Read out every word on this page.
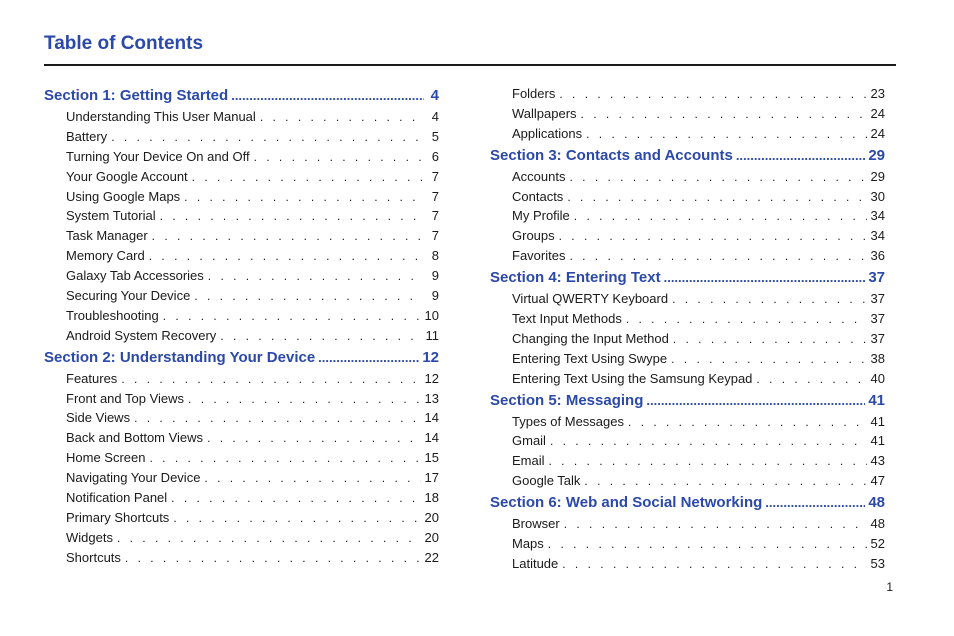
Table of Contents
Section 1: Getting Started .....	4
Understanding This User Manual . . .	4
Battery . . .	5
Turning Your Device On and Off . . .	6
Your Google Account . . .	7
Using Google Maps . . .	7
System Tutorial . . .	7
Task Manager . . .	7
Memory Card . . .	8
Galaxy Tab Accessories . . .	9
Securing Your Device . . .	9
Troubleshooting . . .	10
Android System Recovery . . .	11
Section 2: Understanding Your Device .....	12
Features . . .	12
Front and Top Views . . .	13
Side Views . . .	14
Back and Bottom Views . . .	14
Home Screen . . .	15
Navigating Your Device . . .	17
Notification Panel . . .	18
Primary Shortcuts . . .	20
Widgets . . .	20
Shortcuts . . .	22
Folders . . .	23
Wallpapers . . .	24
Applications . . .	24
Section 3: Contacts and Accounts .....	29
Accounts . . .	29
Contacts . . .	30
My Profile . . .	34
Groups . . .	34
Favorites . . .	36
Section 4: Entering Text .....	37
Virtual QWERTY Keyboard . . .	37
Text Input Methods . . .	37
Changing the Input Method . . .	37
Entering Text Using Swype . . .	38
Entering Text Using the Samsung Keypad . . .	40
Section 5: Messaging .....	41
Types of Messages . . .	41
Gmail . . .	41
Email . . .	43
Google Talk . . .	47
Section 6: Web and Social Networking .....	48
Browser . . .	48
Maps . . .	52
Latitude . . .	53
1
